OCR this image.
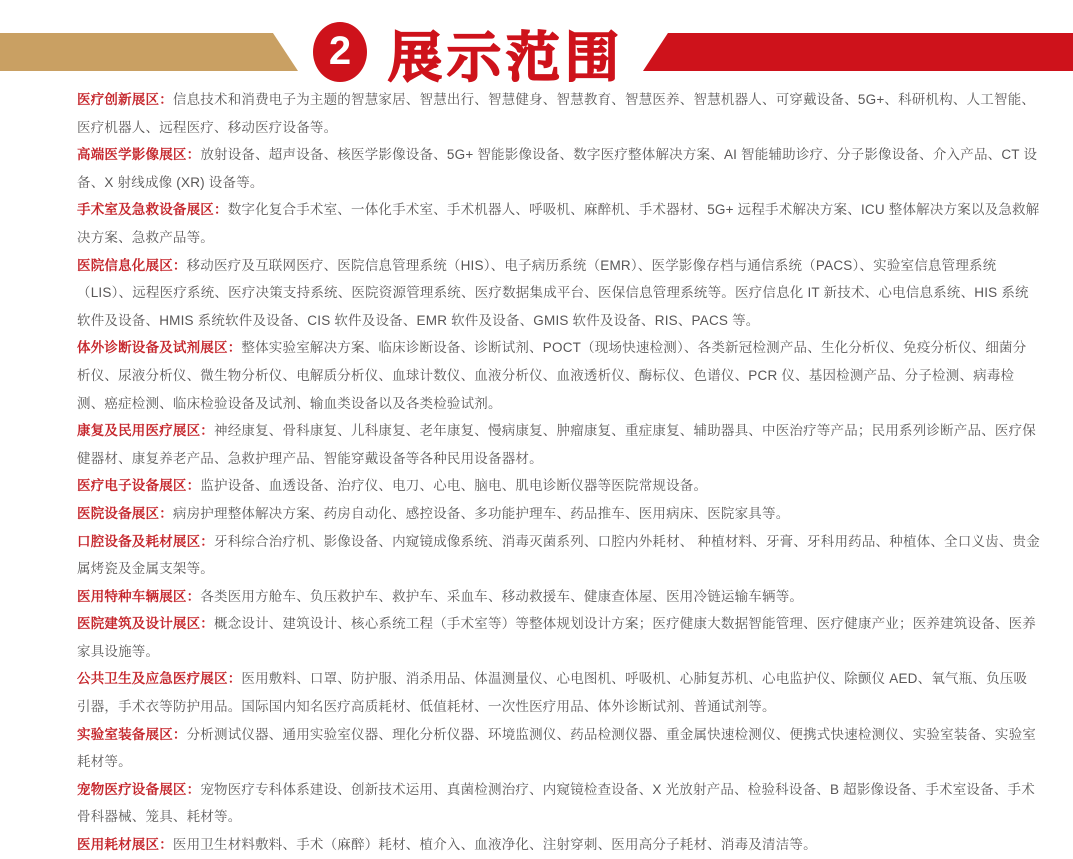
2 展示范围

医疗创新展区：信息技术和消费电子为主题的智慧家居、智慧出行、智慧健身、智慧教育、智慧医养、智慧机器人、可穿戴设备、5G+、科研机构、人工智能、医疗机器人、远程医疗、移动医疗设备等。

高端医学影像展区：放射设备、超声设备、核医学影像设备、5G+ 智能影像设备、数字医疗整体解决方案、AI 智能辅助诊疗、分子影像设备、介入产品、CT 设备、X 射线成像 (XR) 设备等。

手术室及急救设备展区：数字化复合手术室、一体化手术室、手术机器人、呼吸机、麻醉机、手术器材、5G+ 远程手术解决方案、ICU 整体解决方案以及急救解决方案、急救产品等。

医院信息化展区：移动医疗及互联网医疗、医院信息管理系统（HIS）、电子病历系统（EMR）、医学影像存档与通信系统（PACS）、实验室信息管理系统（LIS）、远程医疗系统、医疗决策支持系统、医院资源管理系统、医疗数据集成平台、医保信息管理系统等。医疗信息化 IT 新技术、心电信息系统、HIS 系统软件及设备、HMIS 系统软件及设备、CIS 软件及设备、EMR 软件及设备、GMIS 软件及设备、RIS、PACS 等。

体外诊断设备及试剂展区：整体实验室解决方案、临床诊断设备、诊断试剂、POCT（现场快速检测）、各类新冠检测产品、生化分析仪、免疫分析仪、细菌分析仪、尿液分析仪、微生物分析仪、电解质分析仪、血球计数仪、血液分析仪、血液透析仪、酶标仪、色谱仪、PCR 仪、基因检测产品、分子检测、病毒检测、癌症检测、临床检验设备及试剂、输血类设备以及各类检验试剂。

康复及民用医疗展区：神经康复、骨科康复、儿科康复、老年康复、慢病康复、肿瘤康复、重症康复、辅助器具、中医治疗等产品；民用系列诊断产品、医疗保健器材、康复养老产品、急救护理产品、智能穿戴设备等各种民用设备器材。

医疗电子设备展区：监护设备、血透设备、治疗仪、电刀、心电、脑电、肌电诊断仪器等医院常规设备。

医院设备展区：病房护理整体解决方案、药房自动化、感控设备、多功能护理车、药品推车、医用病床、医院家具等。

口腔设备及耗材展区：牙科综合治疗机、影像设备、内窥镜成像系统、消毒灭菌系列、口腔内外耗材、 种植材料、牙膏、牙科用药品、种植体、全口义齿、贵金属烤瓷及金属支架等。

医用特种车辆展区：各类医用方舱车、负压救护车、救护车、采血车、移动救援车、健康查体屋、医用冷链运输车辆等。

医院建筑及设计展区：概念设计、建筑设计、核心系统工程（手术室等）等整体规划设计方案；医疗健康大数据智能管理、医疗健康产业；医养建筑设备、医养家具设施等。

公共卫生及应急医疗展区：医用敷料、口罩、防护服、消杀用品、体温测量仪、心电图机、呼吸机、心肺复苏机、心电监护仪、除颤仪 AED、氧气瓶、负压吸引器，手术衣等防护用品。国际国内知名医疗高质耗材、低值耗材、一次性医疗用品、体外诊断试剂、普通试剂等。

实验室装备展区：分析测试仪器、通用实验室仪器、理化分析仪器、环境监测仪、药品检测仪器、重金属快速检测仪、便携式快速检测仪、实验室装备、实验室耗材等。

宠物医疗设备展区：宠物医疗专科体系建设、创新技术运用、真菌检测治疗、内窥镜检查设备、X 光放射产品、检验科设备、B 超影像设备、手术室设备、手术骨科器械、笼具、耗材等。

医用耗材展区：医用卫生材料敷料、手术（麻醉）耗材、植介入、血液净化、注射穿刺、医用高分子耗材、消毒及清洁等。
